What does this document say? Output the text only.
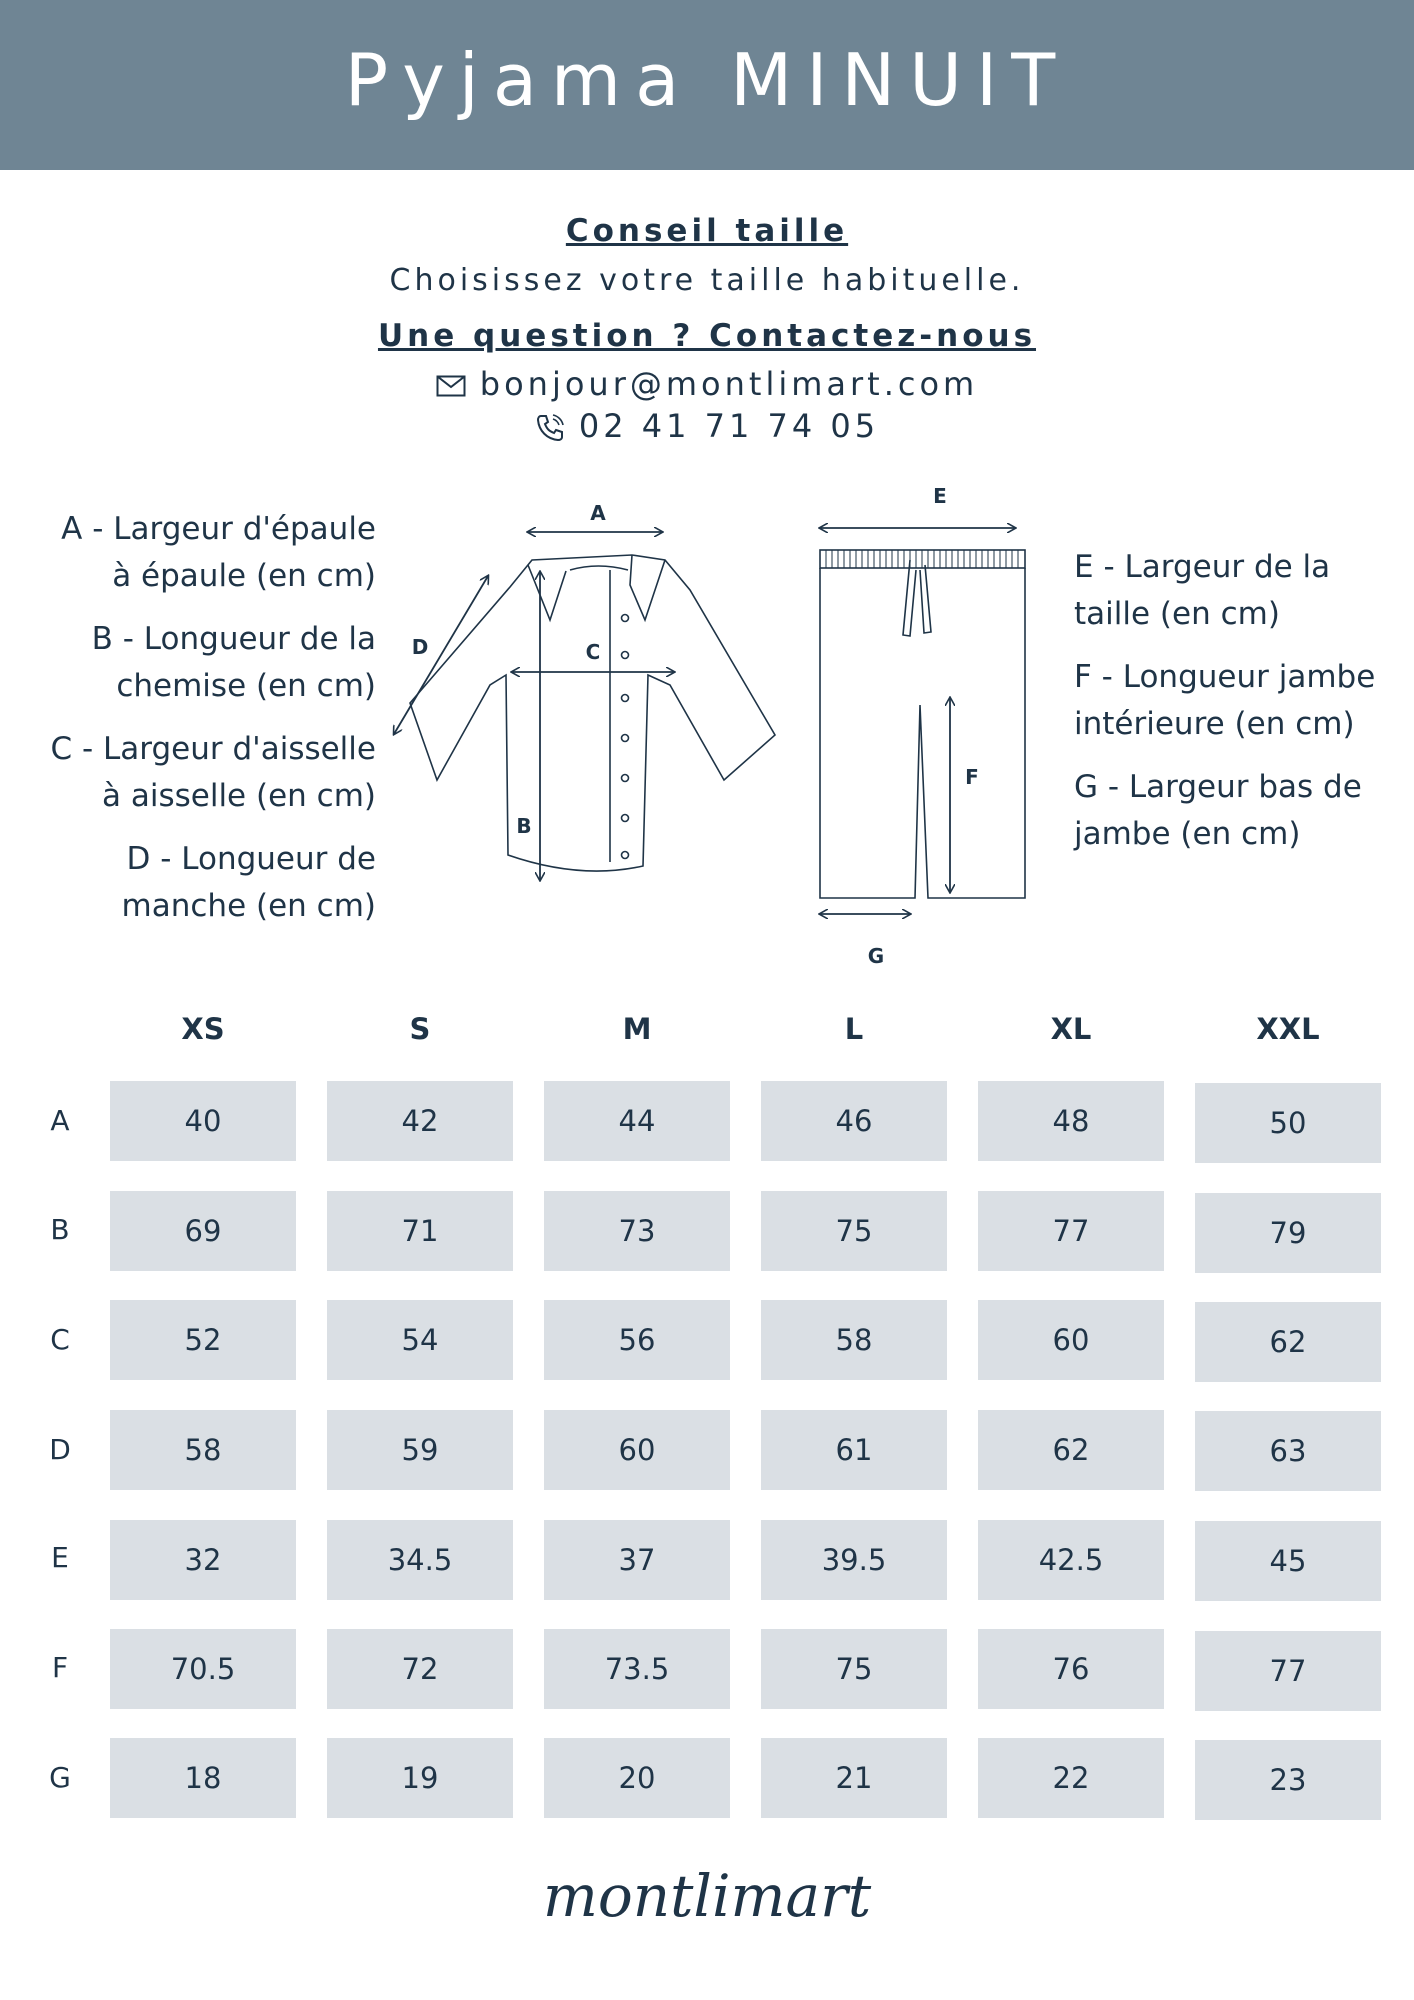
Pyjama MINUIT
Conseil taille
Choisissez votre taille habituelle.
Une question ? Contactez-nous
bonjour@montlimart.com
02 41 71 74 05

A - Largeur d'épaule
à épaule (en cm)

B - Longueur de la
chemise (en cm)

C - Largeur d'aisselle
à aisselle (en cm)

D - Longueur de
manche (en cm)

E - Largeur de la
taille (en cm)

F - Longueur jambe
intérieure (en cm)

G - Largeur bas de
jambe (en cm)

A
B
C
D
E
F
G
XS	S	M	L	XL	XXL
A	40	42	44	46	48	50
B	69	71	73	75	77	79
C	52	54	56	58	60	62
D	58	59	60	61	62	63
E	32	34.5	37	39.5	42.5	45
F	70.5	72	73.5	75	76	77
G	18	19	20	21	22	23
montlimart
